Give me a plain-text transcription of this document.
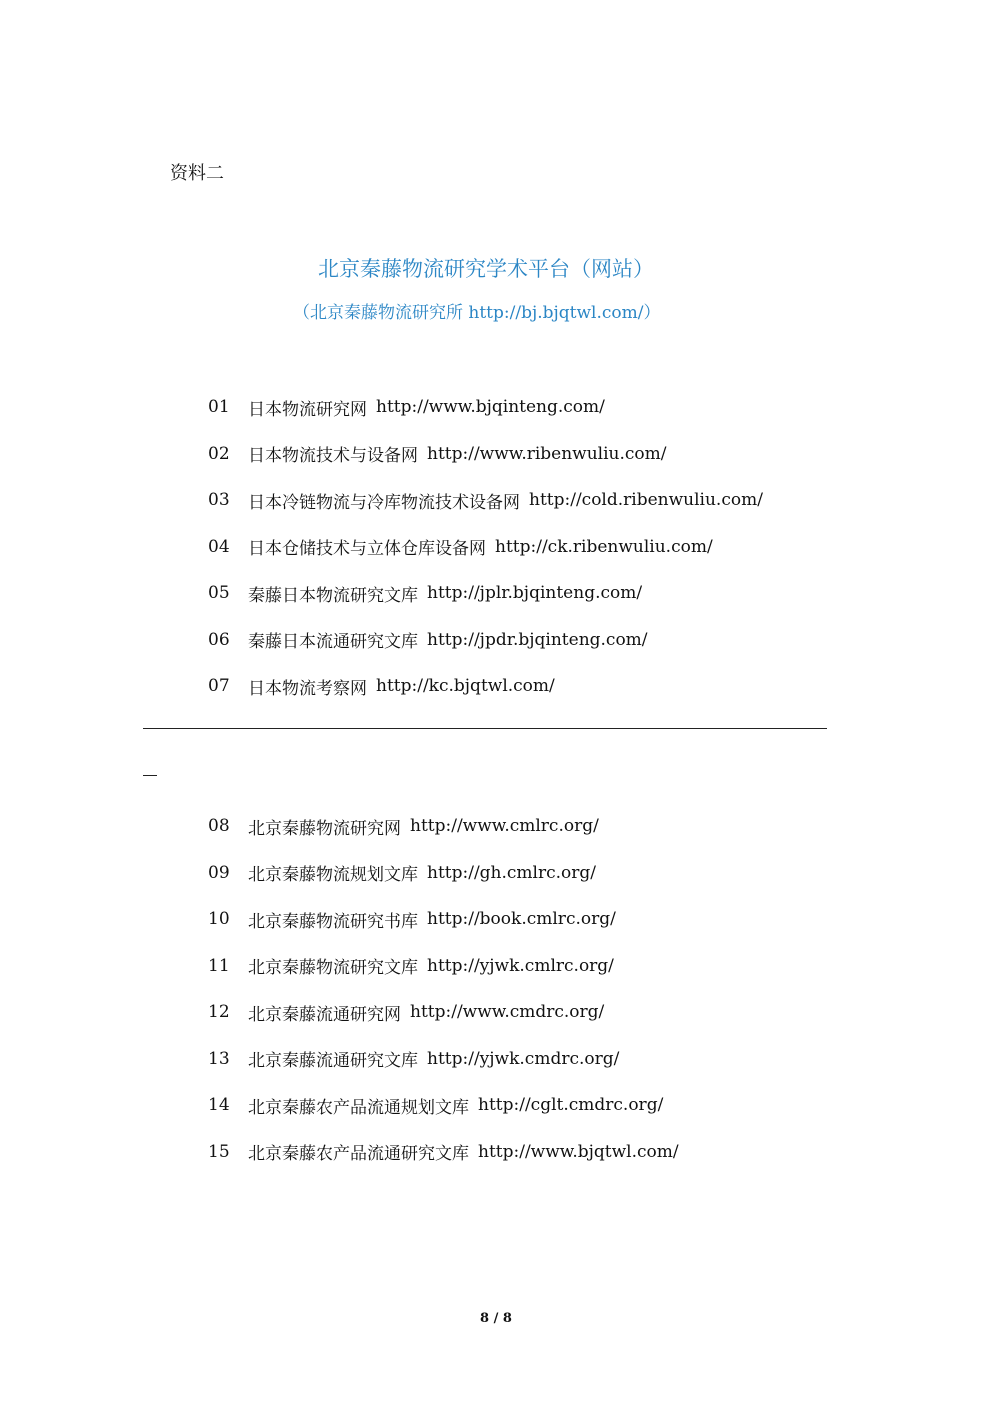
资料二
北京秦藤物流研究学术平台（网站）
（北京秦藤物流研究所 http://bj.bjqtwl.com/）
01	日本物流研究网 http://www.bjqinteng.com/
02	日本物流技术与设备网 http://www.ribenwuliu.com/
03	日本冷链物流与冷库物流技术设备网 http://cold.ribenwuliu.com/
04	日本仓储技术与立体仓库设备网 http://ck.ribenwuliu.com/
05	秦藤日本物流研究文库 http://jplr.bjqinteng.com/
06	秦藤日本流通研究文库 http://jpdr.bjqinteng.com/
07	日本物流考察网 http://kc.bjqtwl.com/
08	北京秦藤物流研究网 http://www.cmlrc.org/
09	北京秦藤物流规划文库 http://gh.cmlrc.org/
10	北京秦藤物流研究书库 http://book.cmlrc.org/
11	北京秦藤物流研究文库 http://yjwk.cmlrc.org/
12	北京秦藤流通研究网 http://www.cmdrc.org/
13	北京秦藤流通研究文库 http://yjwk.cmdrc.org/
14	北京秦藤农产品流通规划文库 http://cglt.cmdrc.org/
15	北京秦藤农产品流通研究文库 http://www.bjqtwl.com/
8 / 8
